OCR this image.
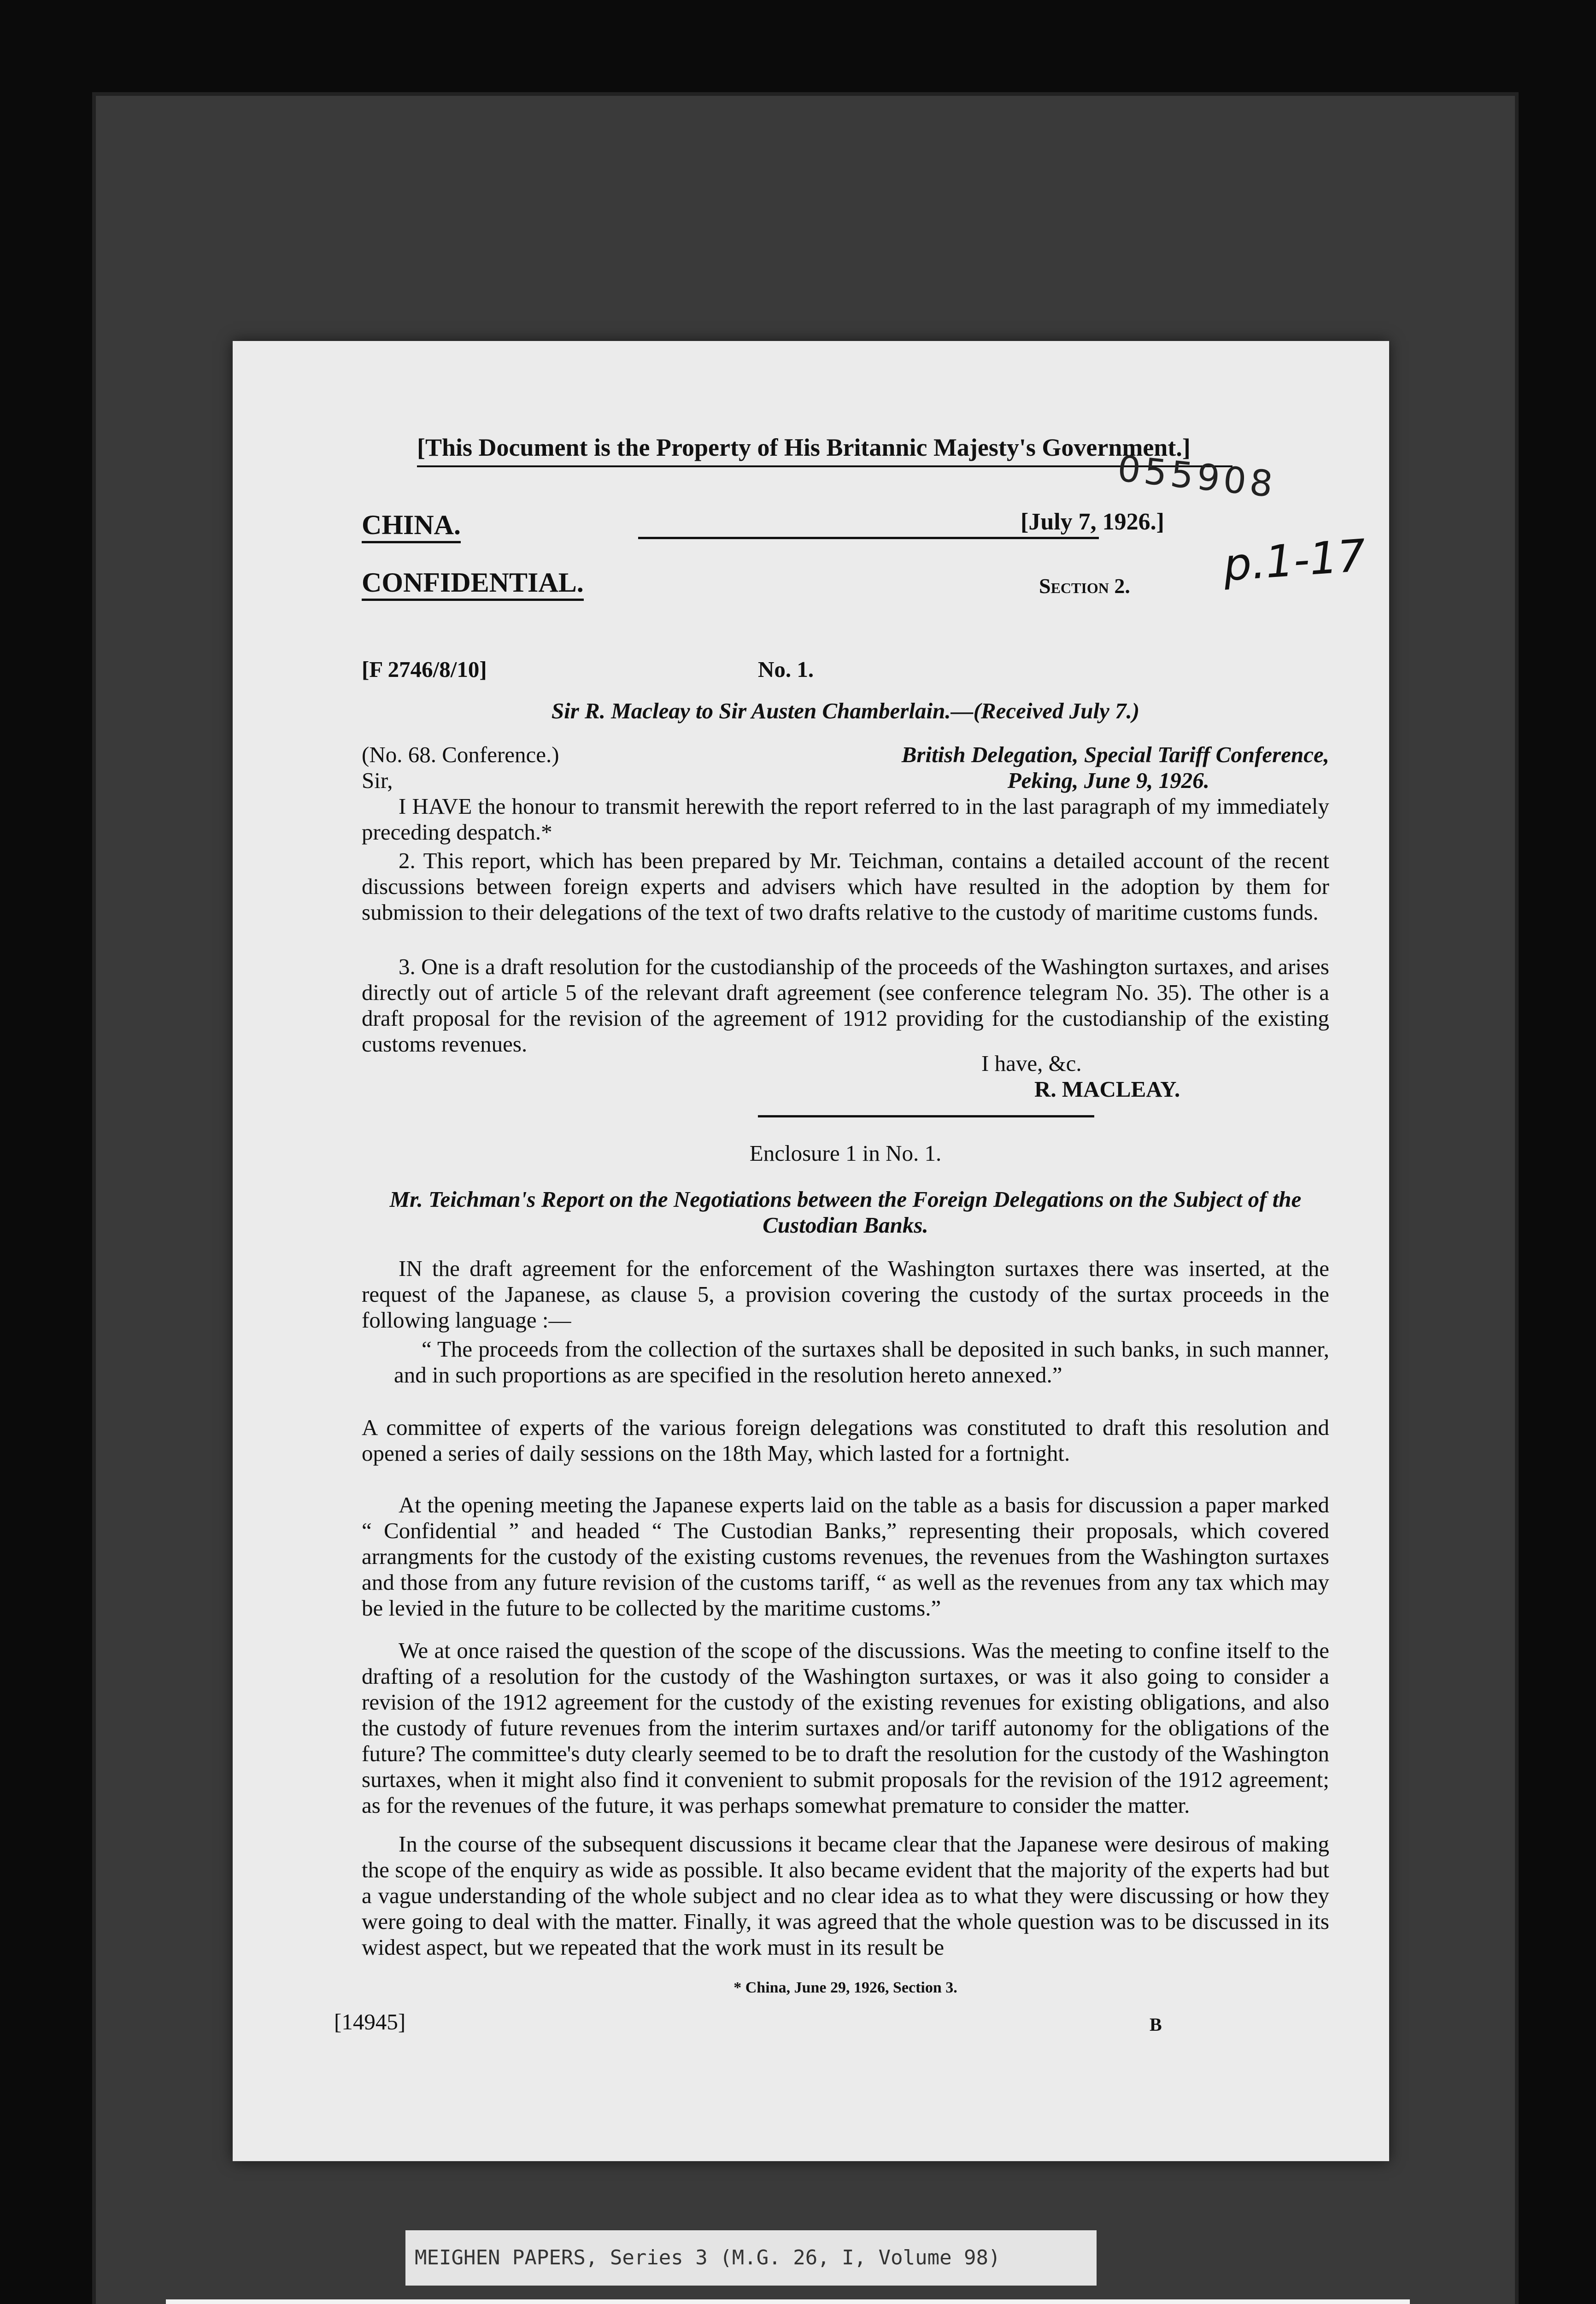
[This Document is the Property of His Britannic Majesty's Government.]
055908
p.1-17
CHINA.	[July 7, 1926.]
CONFIDENTIAL.	Section 2.
[F 2746/8/10]	No. 1.
Sir R. Macleay to Sir Austen Chamberlain.—(Received July 7.)
(No. 68. Conference.)
Sir,
British Delegation, Special Tariff Conference,
Peking, June 9, 1926.
I HAVE the honour to transmit herewith the report referred to in the last paragraph of my immediately preceding despatch.*
2. This report, which has been prepared by Mr. Teichman, contains a detailed account of the recent discussions between foreign experts and advisers which have resulted in the adoption by them for submission to their delegations of the text of two drafts relative to the custody of maritime customs funds.
3. One is a draft resolution for the custodianship of the proceeds of the Washington surtaxes, and arises directly out of article 5 of the relevant draft agreement (see conference telegram No. 35). The other is a draft proposal for the revision of the agreement of 1912 providing for the custodianship of the existing customs revenues.
I have, &c.
R. MACLEAY.
Enclosure 1 in No. 1.
Mr. Teichman's Report on the Negotiations between the Foreign Delegations on the Subject of the Custodian Banks.
IN the draft agreement for the enforcement of the Washington surtaxes there was inserted, at the request of the Japanese, as clause 5, a provision covering the custody of the surtax proceeds in the following language :—
“ The proceeds from the collection of the surtaxes shall be deposited in such banks, in such manner, and in such proportions as are specified in the resolution hereto annexed.”
A committee of experts of the various foreign delegations was constituted to draft this resolution and opened a series of daily sessions on the 18th May, which lasted for a fortnight.
At the opening meeting the Japanese experts laid on the table as a basis for discussion a paper marked “ Confidential ” and headed “ The Custodian Banks,” representing their proposals, which covered arrangments for the custody of the existing customs revenues, the revenues from the Washington surtaxes and those from any future revision of the customs tariff, “ as well as the revenues from any tax which may be levied in the future to be collected by the maritime customs.”
We at once raised the question of the scope of the discussions. Was the meeting to confine itself to the drafting of a resolution for the custody of the Washington surtaxes, or was it also going to consider a revision of the 1912 agreement for the custody of the existing revenues for existing obligations, and also the custody of future revenues from the interim surtaxes and/or tariff autonomy for the obligations of the future? The committee's duty clearly seemed to be to draft the resolution for the custody of the Washington surtaxes, when it might also find it convenient to submit proposals for the revision of the 1912 agreement; as for the revenues of the future, it was perhaps somewhat premature to consider the matter.
In the course of the subsequent discussions it became clear that the Japanese were desirous of making the scope of the enquiry as wide as possible. It also became evident that the majority of the experts had but a vague understanding of the whole subject and no clear idea as to what they were discussing or how they were going to deal with the matter. Finally, it was agreed that the whole question was to be discussed in its widest aspect, but we repeated that the work must in its result be
* China, June 29, 1926, Section 3.
[14945]	B
MEIGHEN PAPERS, Series 3 (M.G. 26, I, Volume 98)
